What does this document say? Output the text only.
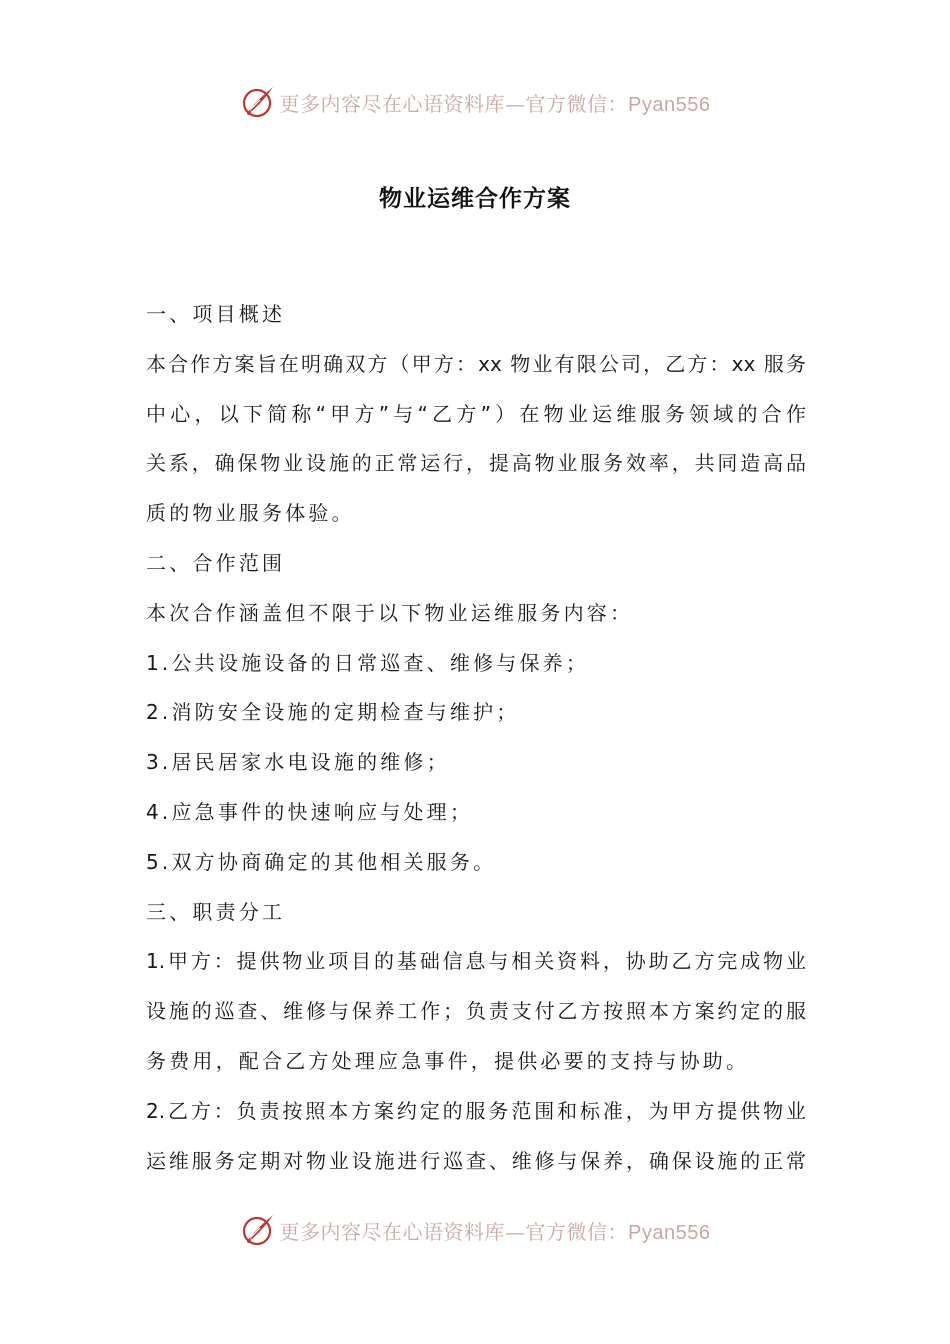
更多内容尽在心语资料库—官方微信：Pyan556
物业运维合作方案
一、项目概述
本合作方案旨在明确双方（甲方：xx 物业有限公司，乙方：xx 服务
中心，以下简称“甲方”与“乙方”）在物业运维服务领域的合作
关系，确保物业设施的正常运行，提高物业服务效率，共同造高品
质的物业服务体验。
二、合作范围
本次合作涵盖但不限于以下物业运维服务内容：
1.公共设施设备的日常巡查、维修与保养；
2.消防安全设施的定期检查与维护；
3.居民居家水电设施的维修；
4.应急事件的快速响应与处理；
5.双方协商确定的其他相关服务。
三、职责分工
1.甲方：提供物业项目的基础信息与相关资料，协助乙方完成物业
设施的巡查、维修与保养工作；负责支付乙方按照本方案约定的服
务费用，配合乙方处理应急事件，提供必要的支持与协助。
2.乙方：负责按照本方案约定的服务范围和标准，为甲方提供物业
运维服务定期对物业设施进行巡查、维修与保养，确保设施的正常
更多内容尽在心语资料库—官方微信：Pyan556
